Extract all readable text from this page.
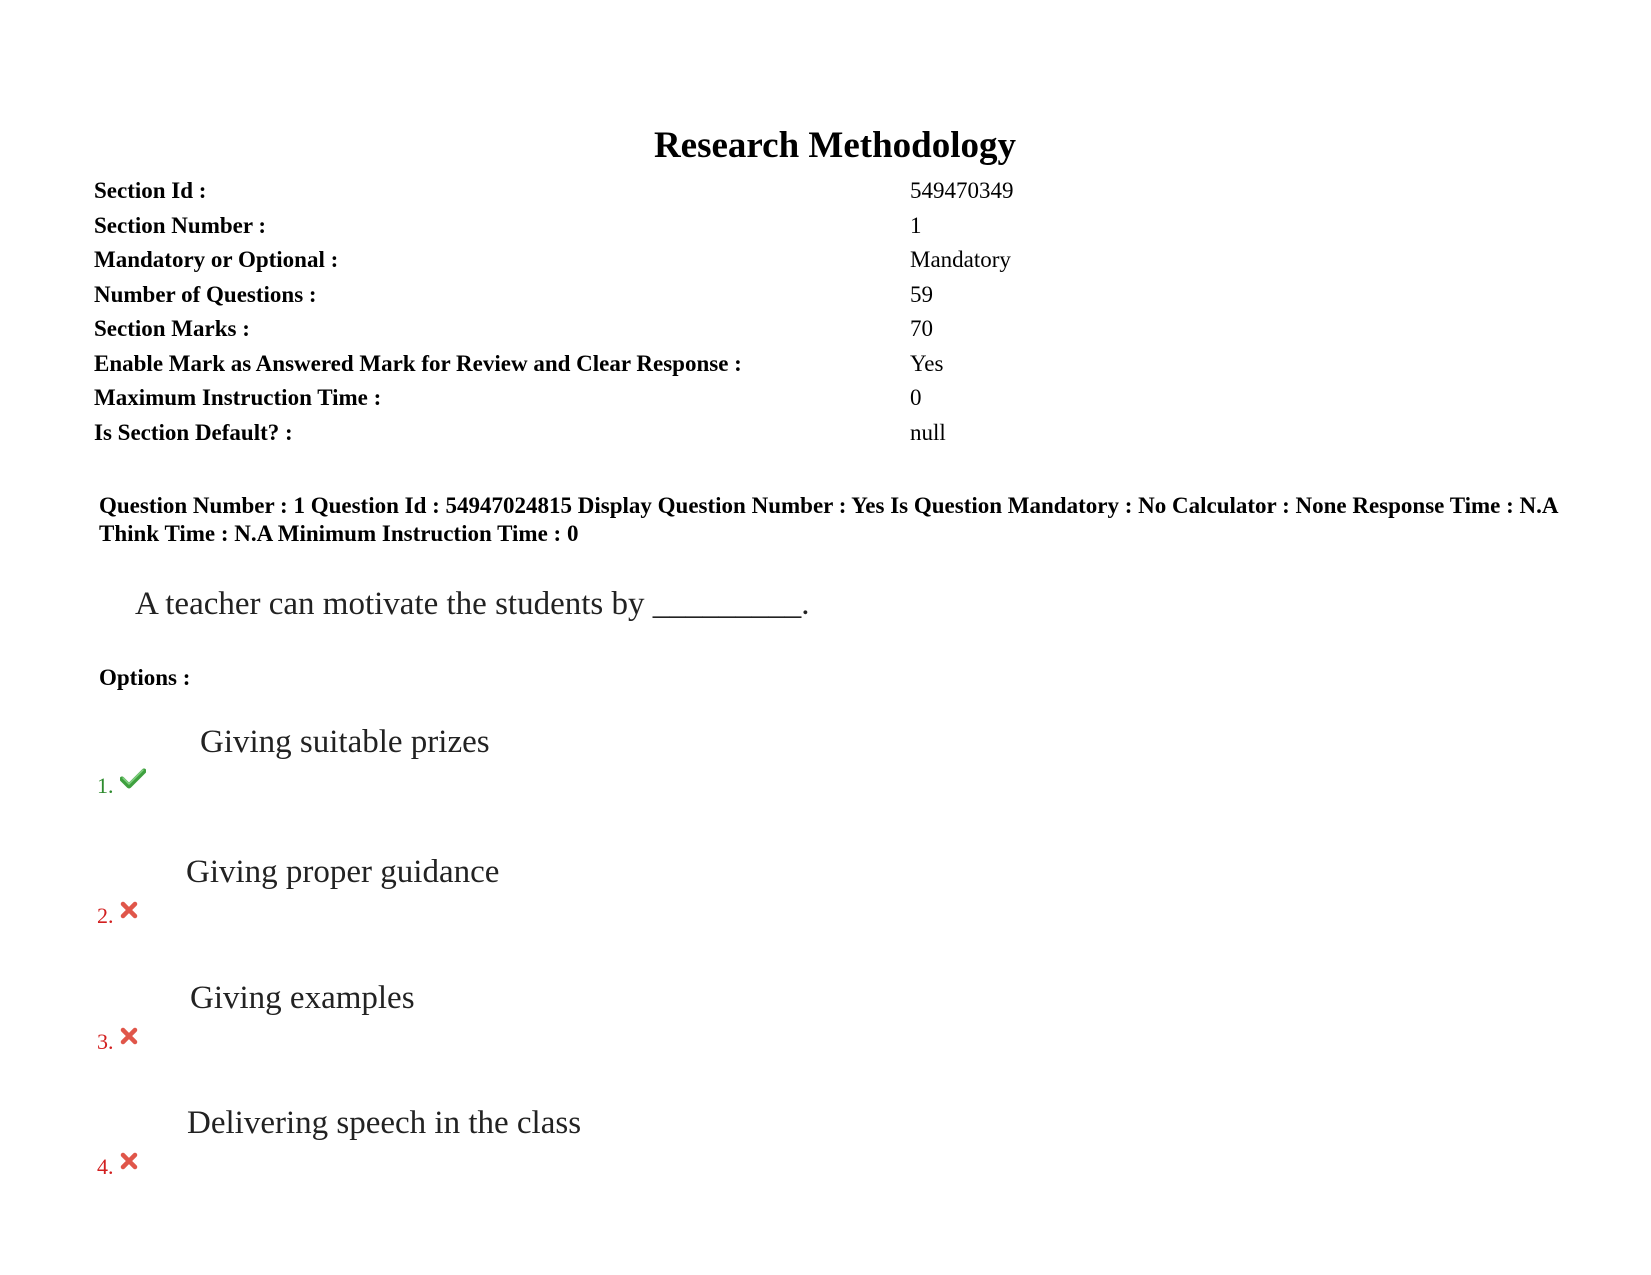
Research Methodology
Section Id :	549470349
Section Number :	1
Mandatory or Optional :	Mandatory
Number of Questions :	59
Section Marks :	70
Enable Mark as Answered Mark for Review and Clear Response :	Yes
Maximum Instruction Time :	0
Is Section Default? :	null
Question Number : 1 Question Id : 54947024815 Display Question Number : Yes Is Question Mandatory : No Calculator : None Response Time : N.A Think Time : N.A Minimum Instruction Time : 0
A teacher can motivate the students by _________.
Options :
Giving suitable prizes
1.
Giving proper guidance
2.
Giving examples
3.
Delivering speech in the class
4.
